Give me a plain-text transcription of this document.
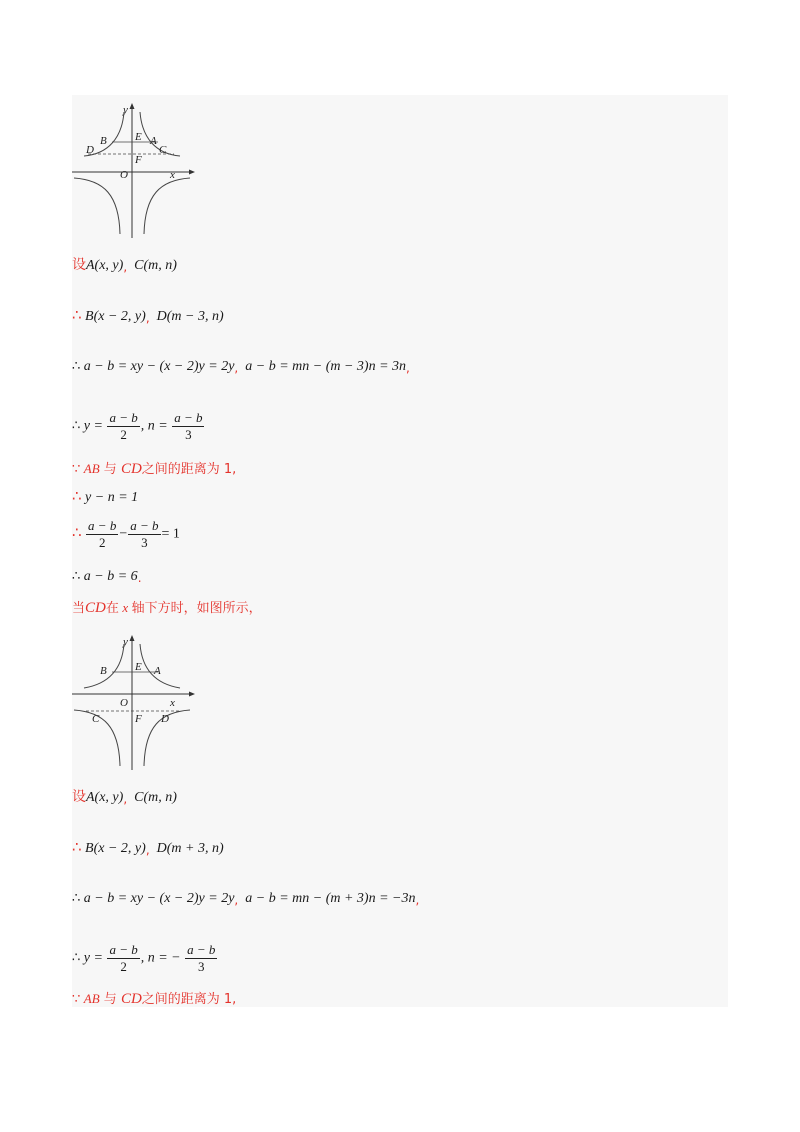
y
x
O
B	E A
D	C
F
设A(x, y), C(m, n)
∴ B(x − 2, y), D(m − 3, n)
∴ a − b = xy − (x − 2)y = 2y, a − b = mn − (m − 3)n = 3n,
∴ $y = \frac{a - b}{2}$ , $n = \frac{a - b}{3}$
∵ AB 与 CD之间的距离为 1,
∴ y − n = 1
∴ $\frac{a - b}{2} - \frac{a - b}{3} = 1$
∴ a − b = 6.
当CD在 x 轴下方时，如图所示，
y
x
O
B	E A
C	F D
设A(x, y), C(m, n)
∴ B(x − 2, y), D(m + 3, n)
∴ a − b = xy − (x − 2)y = 2y, a − b = mn − (m + 3)n = −3n,
∴ $y = \frac{a - b}{2}$ , n = − $\frac{a - b}{3}$
∵ AB 与 CD之间的距离为 1,
